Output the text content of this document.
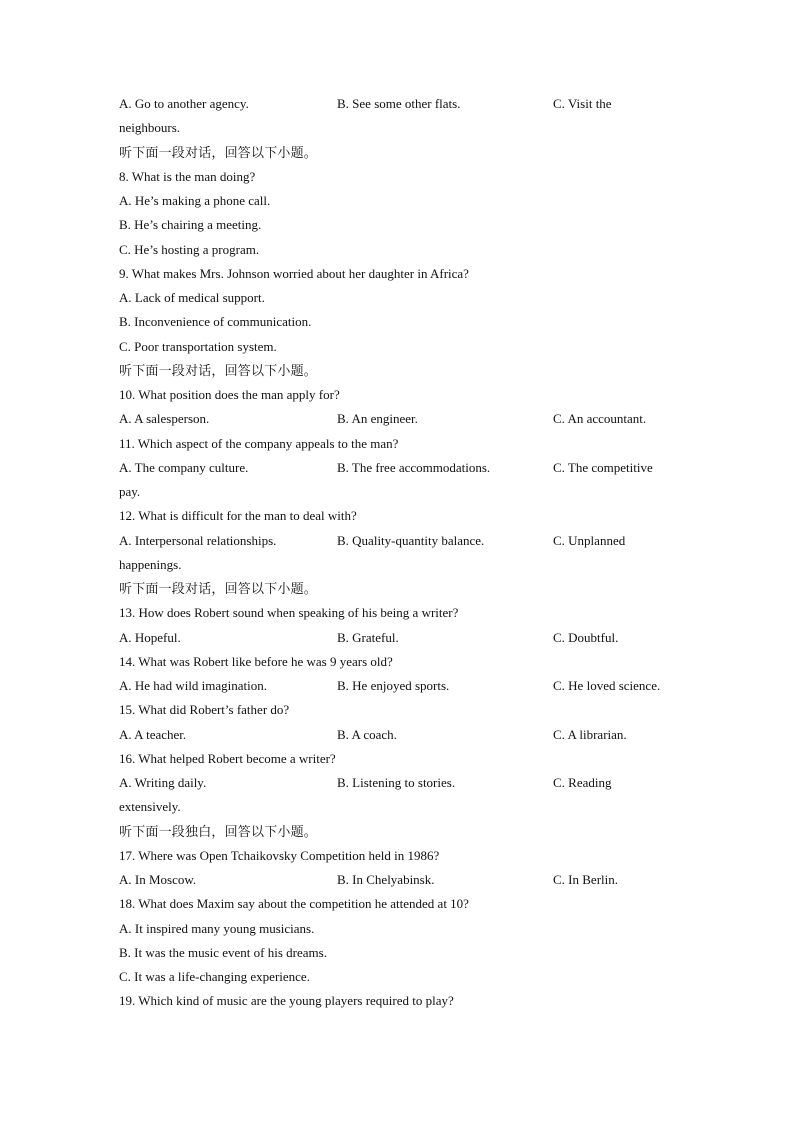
A. Go to another agency.	B. See some other flats.	C. Visit the
neighbours.
听下面一段对话，回答以下小题。
8. What is the man doing?
A. He’s making a phone call.
B. He’s chairing a meeting.
C. He’s hosting a program.
9. What makes Mrs. Johnson worried about her daughter in Africa?
A. Lack of medical support.
B. Inconvenience of communication.
C. Poor transportation system.
听下面一段对话，回答以下小题。
10. What position does the man apply for?
A. A salesperson.	B. An engineer.	C. An accountant.
11. Which aspect of the company appeals to the man?
A. The company culture.	B. The free accommodations.	C. The competitive
pay.
12. What is difficult for the man to deal with?
A. Interpersonal relationships.	B. Quality-quantity balance.	C. Unplanned
happenings.
听下面一段对话，回答以下小题。
13. How does Robert sound when speaking of his being a writer?
A. Hopeful.	B. Grateful.	C. Doubtful.
14. What was Robert like before he was 9 years old?
A. He had wild imagination.	B. He enjoyed sports.	C. He loved science.
15. What did Robert’s father do?
A. A teacher.	B. A coach.	C. A librarian.
16. What helped Robert become a writer?
A. Writing daily.	B. Listening to stories.	C. Reading
extensively.
听下面一段独白，回答以下小题。
17. Where was Open Tchaikovsky Competition held in 1986?
A. In Moscow.	B. In Chelyabinsk.	C. In Berlin.
18. What does Maxim say about the competition he attended at 10?
A. It inspired many young musicians.
B. It was the music event of his dreams.
C. It was a life-changing experience.
19. Which kind of music are the young players required to play?
